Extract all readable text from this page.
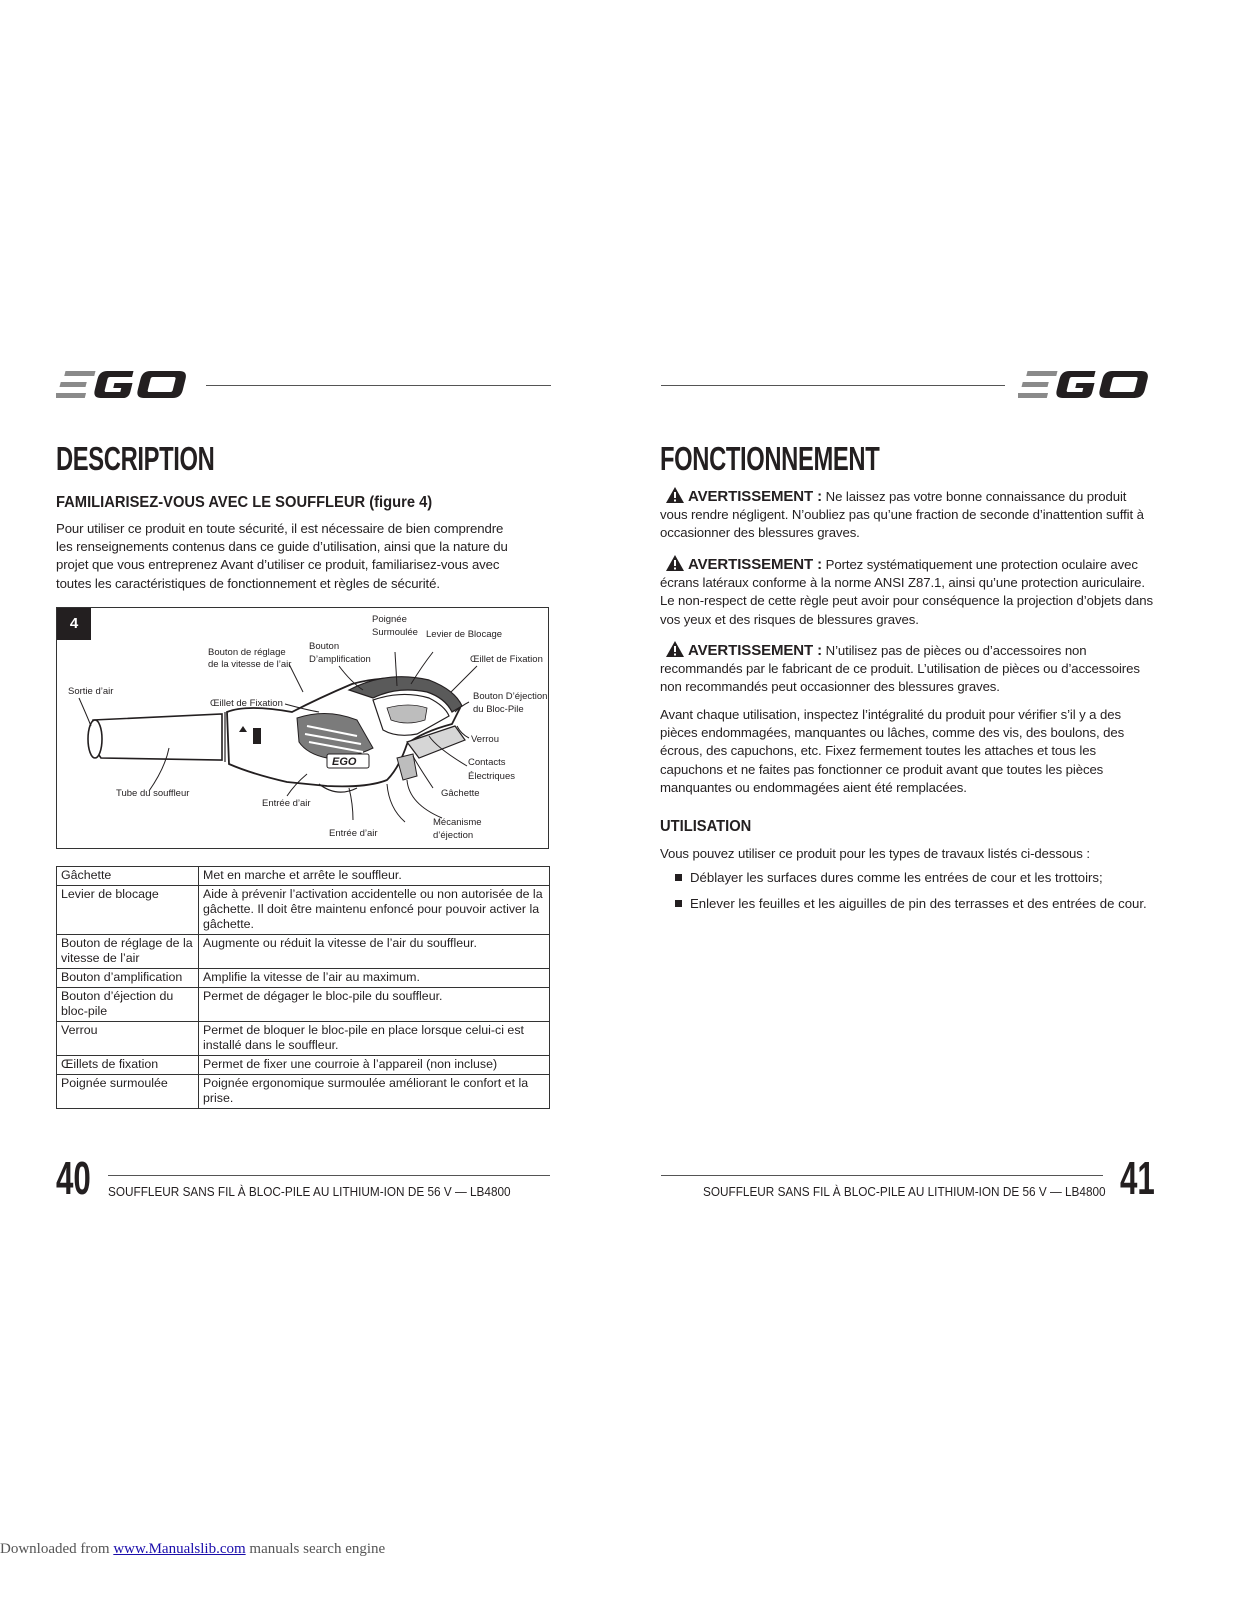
DESCRIPTION
FAMILIARISEZ-VOUS AVEC LE SOUFFLEUR (figure 4)
Pour utiliser ce produit en toute sécurité, il est nécessaire de bien comprendre les renseignements contenus dans ce guide d’utilisation, ainsi que la nature du projet que vous entreprenez Avant d’utiliser ce produit, familiarisez-vous avec toutes les caractéristiques de fonctionnement et règles de sécurité.
4
EGO
Sortie d’air
Tube du souffleur
Bouton de réglage
de la vitesse de l’air
Bouton
D’amplification
Poignée
Surmoulée Levier de Blocage
Œillet de Fixation
Œillet de Fixation
Bouton D’éjection
du Bloc-Pile
Verrou
Contacts
Électriques
Gâchette
Entrée d’air
Entrée d’air
Mécanisme
d’éjection
Gâchette	Met en marche et arrête le souffleur.
Levier de blocage	Aide à prévenir l’activation accidentelle ou non autorisée de la gâchette. Il doit être maintenu enfoncé pour pouvoir activer la gâchette.
Bouton de réglage de la vitesse de l’air	Augmente ou réduit la vitesse de l’air du souffleur.
Bouton d’amplification	Amplifie la vitesse de l’air au maximum.
Bouton d’éjection du bloc-pile	Permet de dégager le bloc-pile du souffleur.
Verrou	Permet de bloquer le bloc-pile en place lorsque celui-ci est installé dans le souffleur.
Œillets de fixation	Permet de fixer une courroie à l’appareil (non incluse)
Poignée surmoulée	Poignée ergonomique surmoulée améliorant le confort et la prise.
40 SOUFFLEUR SANS FIL À BLOC-PILE AU LITHIUM-ION DE 56 V — LB4800
FONCTIONNEMENT
AVERTISSEMENT : Ne laissez pas votre bonne connaissance du produit
vous rendre négligent. N’oubliez pas qu’une fraction de seconde d’inattention suffit à occasionner des blessures graves.
AVERTISSEMENT : Portez systématiquement une protection oculaire avec
écrans latéraux conforme à la norme ANSI Z87.1, ainsi qu’une protection auriculaire. Le non-respect de cette règle peut avoir pour conséquence la projection d’objets dans vos yeux et des risques de blessures graves.
AVERTISSEMENT : N’utilisez pas de pièces ou d’accessoires non
recommandés par le fabricant de ce produit. L’utilisation de pièces ou d’accessoires non recommandés peut occasionner des blessures graves.
Avant chaque utilisation, inspectez l’intégralité du produit pour vérifier s’il y a des pièces endommagées, manquantes ou lâches, comme des vis, des boulons, des écrous, des capuchons, etc. Fixez fermement toutes les attaches et tous les capuchons et ne faites pas fonctionner ce produit avant que toutes les pièces manquantes ou endommagées aient été remplacées.
UTILISATION
Vous pouvez utiliser ce produit pour les types de travaux listés ci-dessous :
Déblayer les surfaces dures comme les entrées de cour et les trottoirs;
Enlever les feuilles et les aiguilles de pin des terrasses et des entrées de cour.
SOUFFLEUR SANS FIL À BLOC-PILE AU LITHIUM-ION DE 56 V — LB4800 41
Downloaded from www.Manualslib.com manuals search engine
